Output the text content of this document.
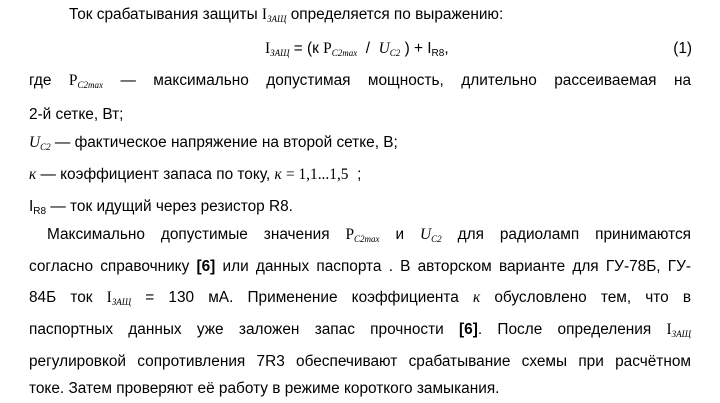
Ток срабатывания защиты $I_{ЗАЩ}$ определяется по выражению:
$I_{ЗАЩ} = (к$ $P_{C2max} / U_{C2}$ ) + IR8,	(1)
где $P_{C2max}$ — максимально допустимая мощность, длительно рассеиваемая на
2-й сетке, Вт;
$U_{C2}$ — фактическое напряжение на второй сетке, В;
к — коэффициент запаса по току, к = 1,1...1,5 ;
IR8 — ток идущий через резистор R8.
Максимально допустимые значения $P_{C2max}$ и $U_{C2}$ для радиоламп принимаются
согласно справочнику [6] или данных паспорта . В авторском варианте для ГУ-78Б, ГУ-
84Б ток $I_{ЗАЩ} = 130$ мА. Применение коэффициента к обусловлено тем, что в
паспортных данных уже заложен запас прочности [6]. После определения $I_{ЗАЩ}$
регулировкой сопротивления 7R3 обеспечивают срабатывание схемы при расчётном
токе. Затем проверяют её работу в режиме короткого замыкания.
